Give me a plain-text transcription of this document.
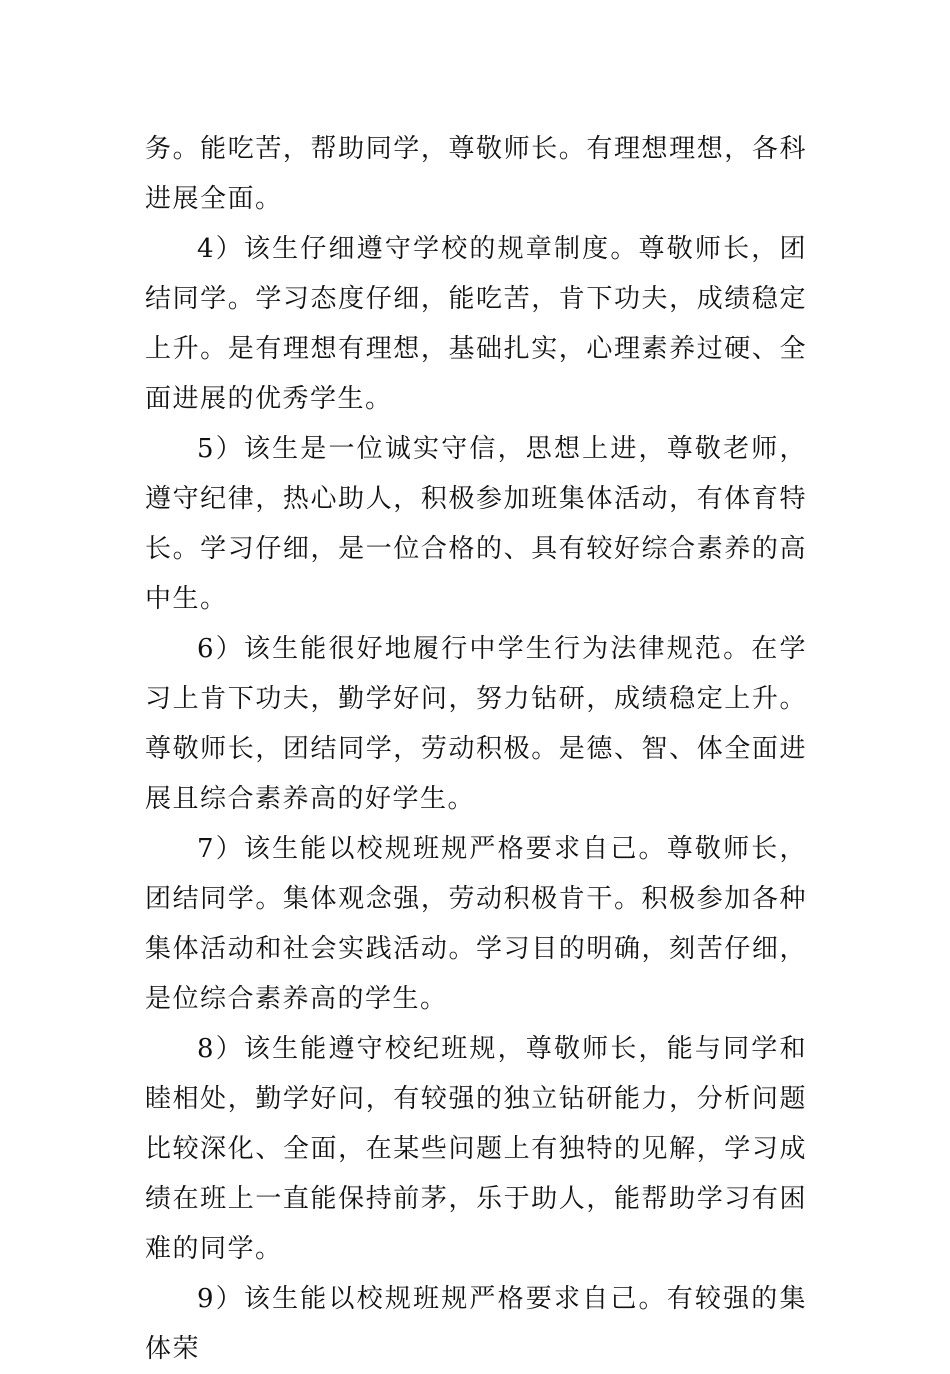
务。能吃苦，帮助同学，尊敬师长。有理想理想，各科进展全面。

4）该生仔细遵守学校的规章制度。尊敬师长，团结同学。学习态度仔细，能吃苦，肯下功夫，成绩稳定上升。是有理想有理想，基础扎实，心理素养过硬、全面进展的优秀学生。

5）该生是一位诚实守信，思想上进，尊敬老师，遵守纪律，热心助人，积极参加班集体活动，有体育特长。学习仔细，是一位合格的、具有较好综合素养的高中生。

6）该生能很好地履行中学生行为法律规范。在学习上肯下功夫，勤学好问，努力钻研，成绩稳定上升。尊敬师长，团结同学，劳动积极。是德、智、体全面进展且综合素养高的好学生。

7）该生能以校规班规严格要求自己。尊敬师长，团结同学。集体观念强，劳动积极肯干。积极参加各种集体活动和社会实践活动。学习目的明确，刻苦仔细，是位综合素养高的学生。

8）该生能遵守校纪班规，尊敬师长，能与同学和睦相处，勤学好问，有较强的独立钻研能力，分析问题比较深化、全面，在某些问题上有独特的见解，学习成绩在班上一直能保持前茅，乐于助人，能帮助学习有困难的同学。

9）该生能以校规班规严格要求自己。有较强的集体荣
